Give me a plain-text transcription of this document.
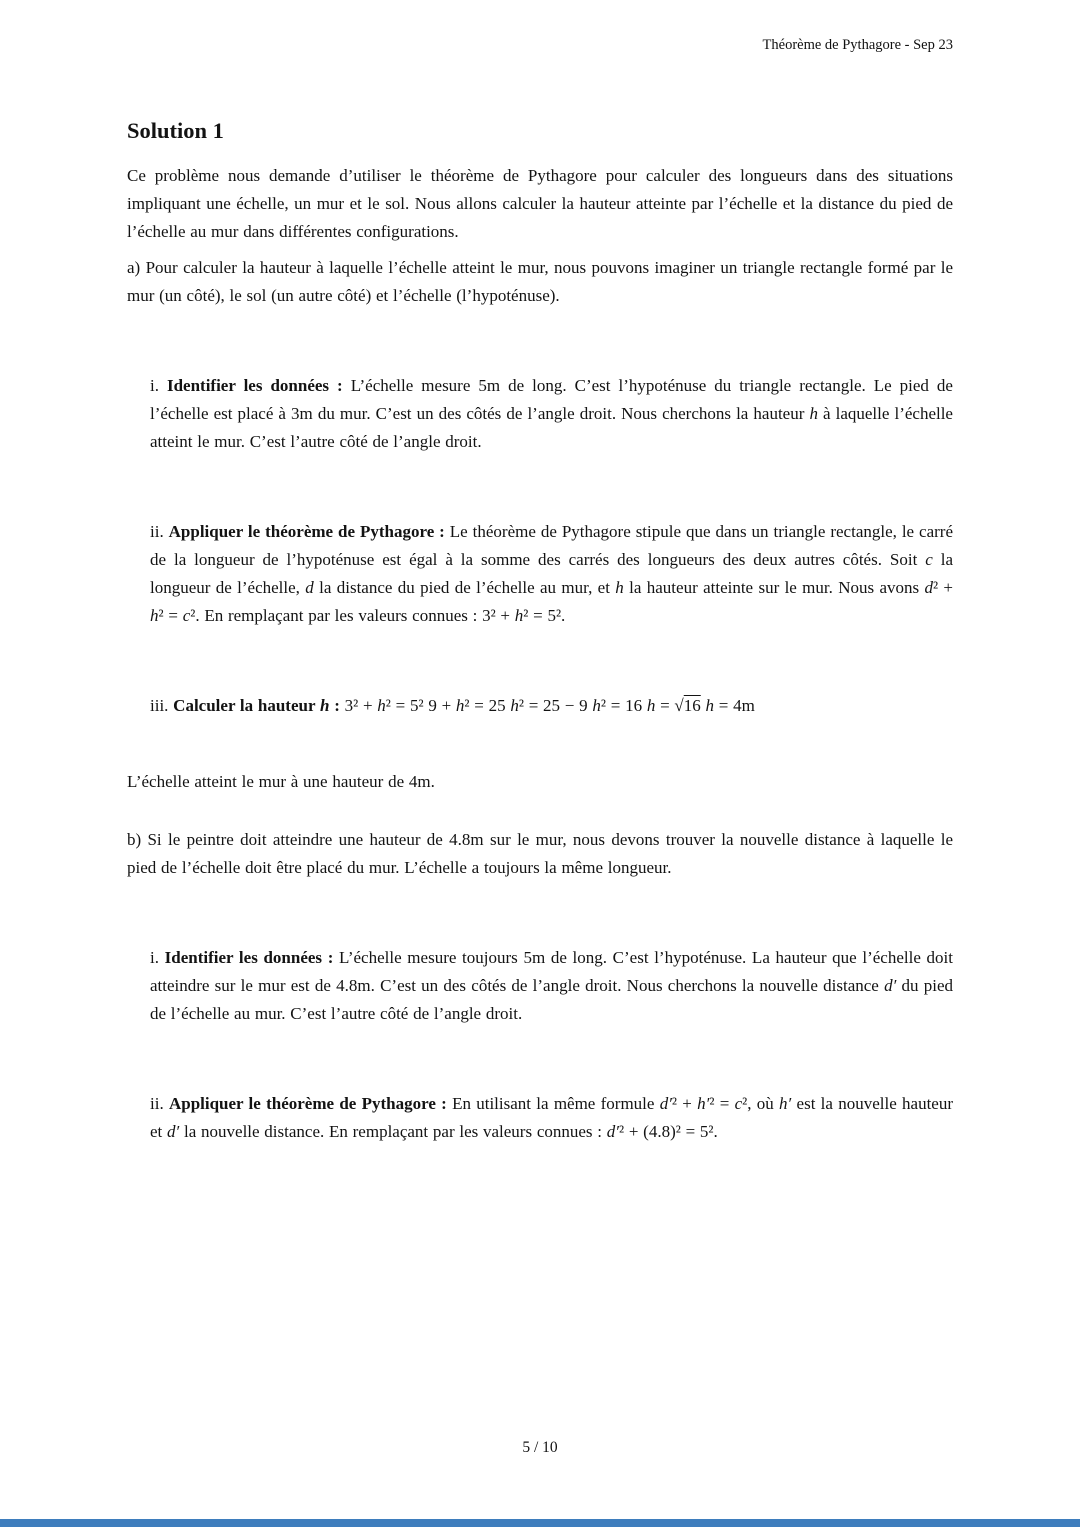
Théorème de Pythagore - Sep 23
Solution 1

Ce problème nous demande d’utiliser le théorème de Pythagore pour calculer des longueurs dans des situations impliquant une échelle, un mur et le sol. Nous allons calculer la hauteur atteinte par l’échelle et la distance du pied de l’échelle au mur dans différentes configurations.

a) Pour calculer la hauteur à laquelle l’échelle atteint le mur, nous pouvons imaginer un triangle rectangle formé par le mur (un côté), le sol (un autre côté) et l’échelle (l’hypoténuse).

i. Identifier les données : L’échelle mesure 5m de long. C’est l’hypoténuse du triangle rectangle. Le pied de l’échelle est placé à 3m du mur. C’est un des côtés de l’angle droit. Nous cherchons la hauteur h à laquelle l’échelle atteint le mur. C’est l’autre côté de l’angle droit.

ii. Appliquer le théorème de Pythagore : Le théorème de Pythagore stipule que dans un triangle rectangle, le carré de la longueur de l’hypoténuse est égal à la somme des carrés des longueurs des deux autres côtés. Soit c la longueur de l’échelle, d la distance du pied de l’échelle au mur, et h la hauteur atteinte sur le mur. Nous avons d² + h² = c². En remplaçant par les valeurs connues : 3² + h² = 5².

iii. Calculer la hauteur h : 3² + h² = 5² 9 + h² = 25 h² = 25 − 9 h² = 16 h = √16 h = 4m

L’échelle atteint le mur à une hauteur de 4m.

b) Si le peintre doit atteindre une hauteur de 4.8m sur le mur, nous devons trouver la nouvelle distance à laquelle le pied de l’échelle doit être placé du mur. L’échelle a toujours la même longueur.

i. Identifier les données : L’échelle mesure toujours 5m de long. C’est l’hypoténuse. La hauteur que l’échelle doit atteindre sur le mur est de 4.8m. C’est un des côtés de l’angle droit. Nous cherchons la nouvelle distance d′ du pied de l’échelle au mur. C’est l’autre côté de l’angle droit.

ii. Appliquer le théorème de Pythagore : En utilisant la même formule d′² + h′² = c², où h′ est la nouvelle hauteur et d′ la nouvelle distance. En remplaçant par les valeurs connues : d′² + (4.8)² = 5².

5 / 10
